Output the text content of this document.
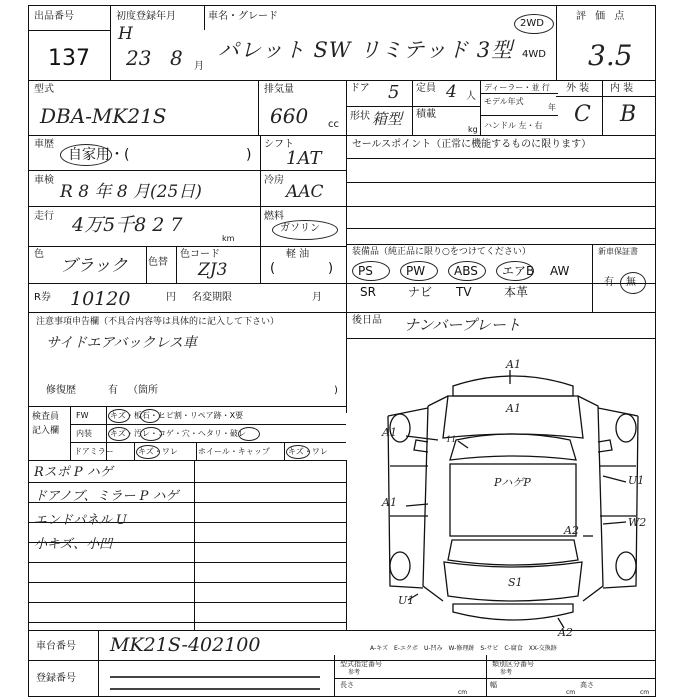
出品番号
137
初度登録年月
H
23 8 月
車名・グレード
パレット SW リミテッド 3型
2WD
4WD
評 価 点
3.5
型式
DBA-MK21S
排気量
660 cc
ドア 5 定員 4 人
形状 箱型 積載
kg
ディーラー・並 行
モデル年式
年
ハンドル 左・右
外 装 内 装
C B
車歴
自家用・(	)
シフト
1AT
車検
R 8 年 8 月(25日)
冷房
AAC
走行 4万5千8 2 7
km
燃料
ガソリン
軽 油
色
ブラック 色替
色コード
ZJ3	(	)
R券 10120	円 名変期限	月
セールスポイント（正常に機能するものに限ります）
装備品（純正品に限り○をつけてください）	新車保証書
有 無
注意事項申告欄（不具合内容等は具体的に記入して下さい）
サイドエアバックレス車
修復歴	有 （箇所	)
後日品 ナンバープレート
検査員
記入欄
FW	キズ・板石・ヒビ割・リペア跡・X要
内装 キズ・汚レ・コゲ・穴・ヘタリ・破レ
ドアミラー	キズ・ワレ	ホイール・キャップ キズ・ワレ
A1
A1
A1
A1
PハゲP	U1
W2
A2
U1
S1
A2
11
車台番号 MK21S-402100
登録番号
A-キズ　E-エクボ　U-凹み　W-修理跡　S-サビ　C-腐食　XX-交換跡
型式指定番号
参考
類別区分番号
参考
長さ
cm
幅
cm
高さ
cm
PS	PW ABS エアB AW
SR	ナビ TV	本革
Rスポ P ハゲ
ドアノブ、ミラー P ハゲ
エンドパネル U
小キズ、小凹
